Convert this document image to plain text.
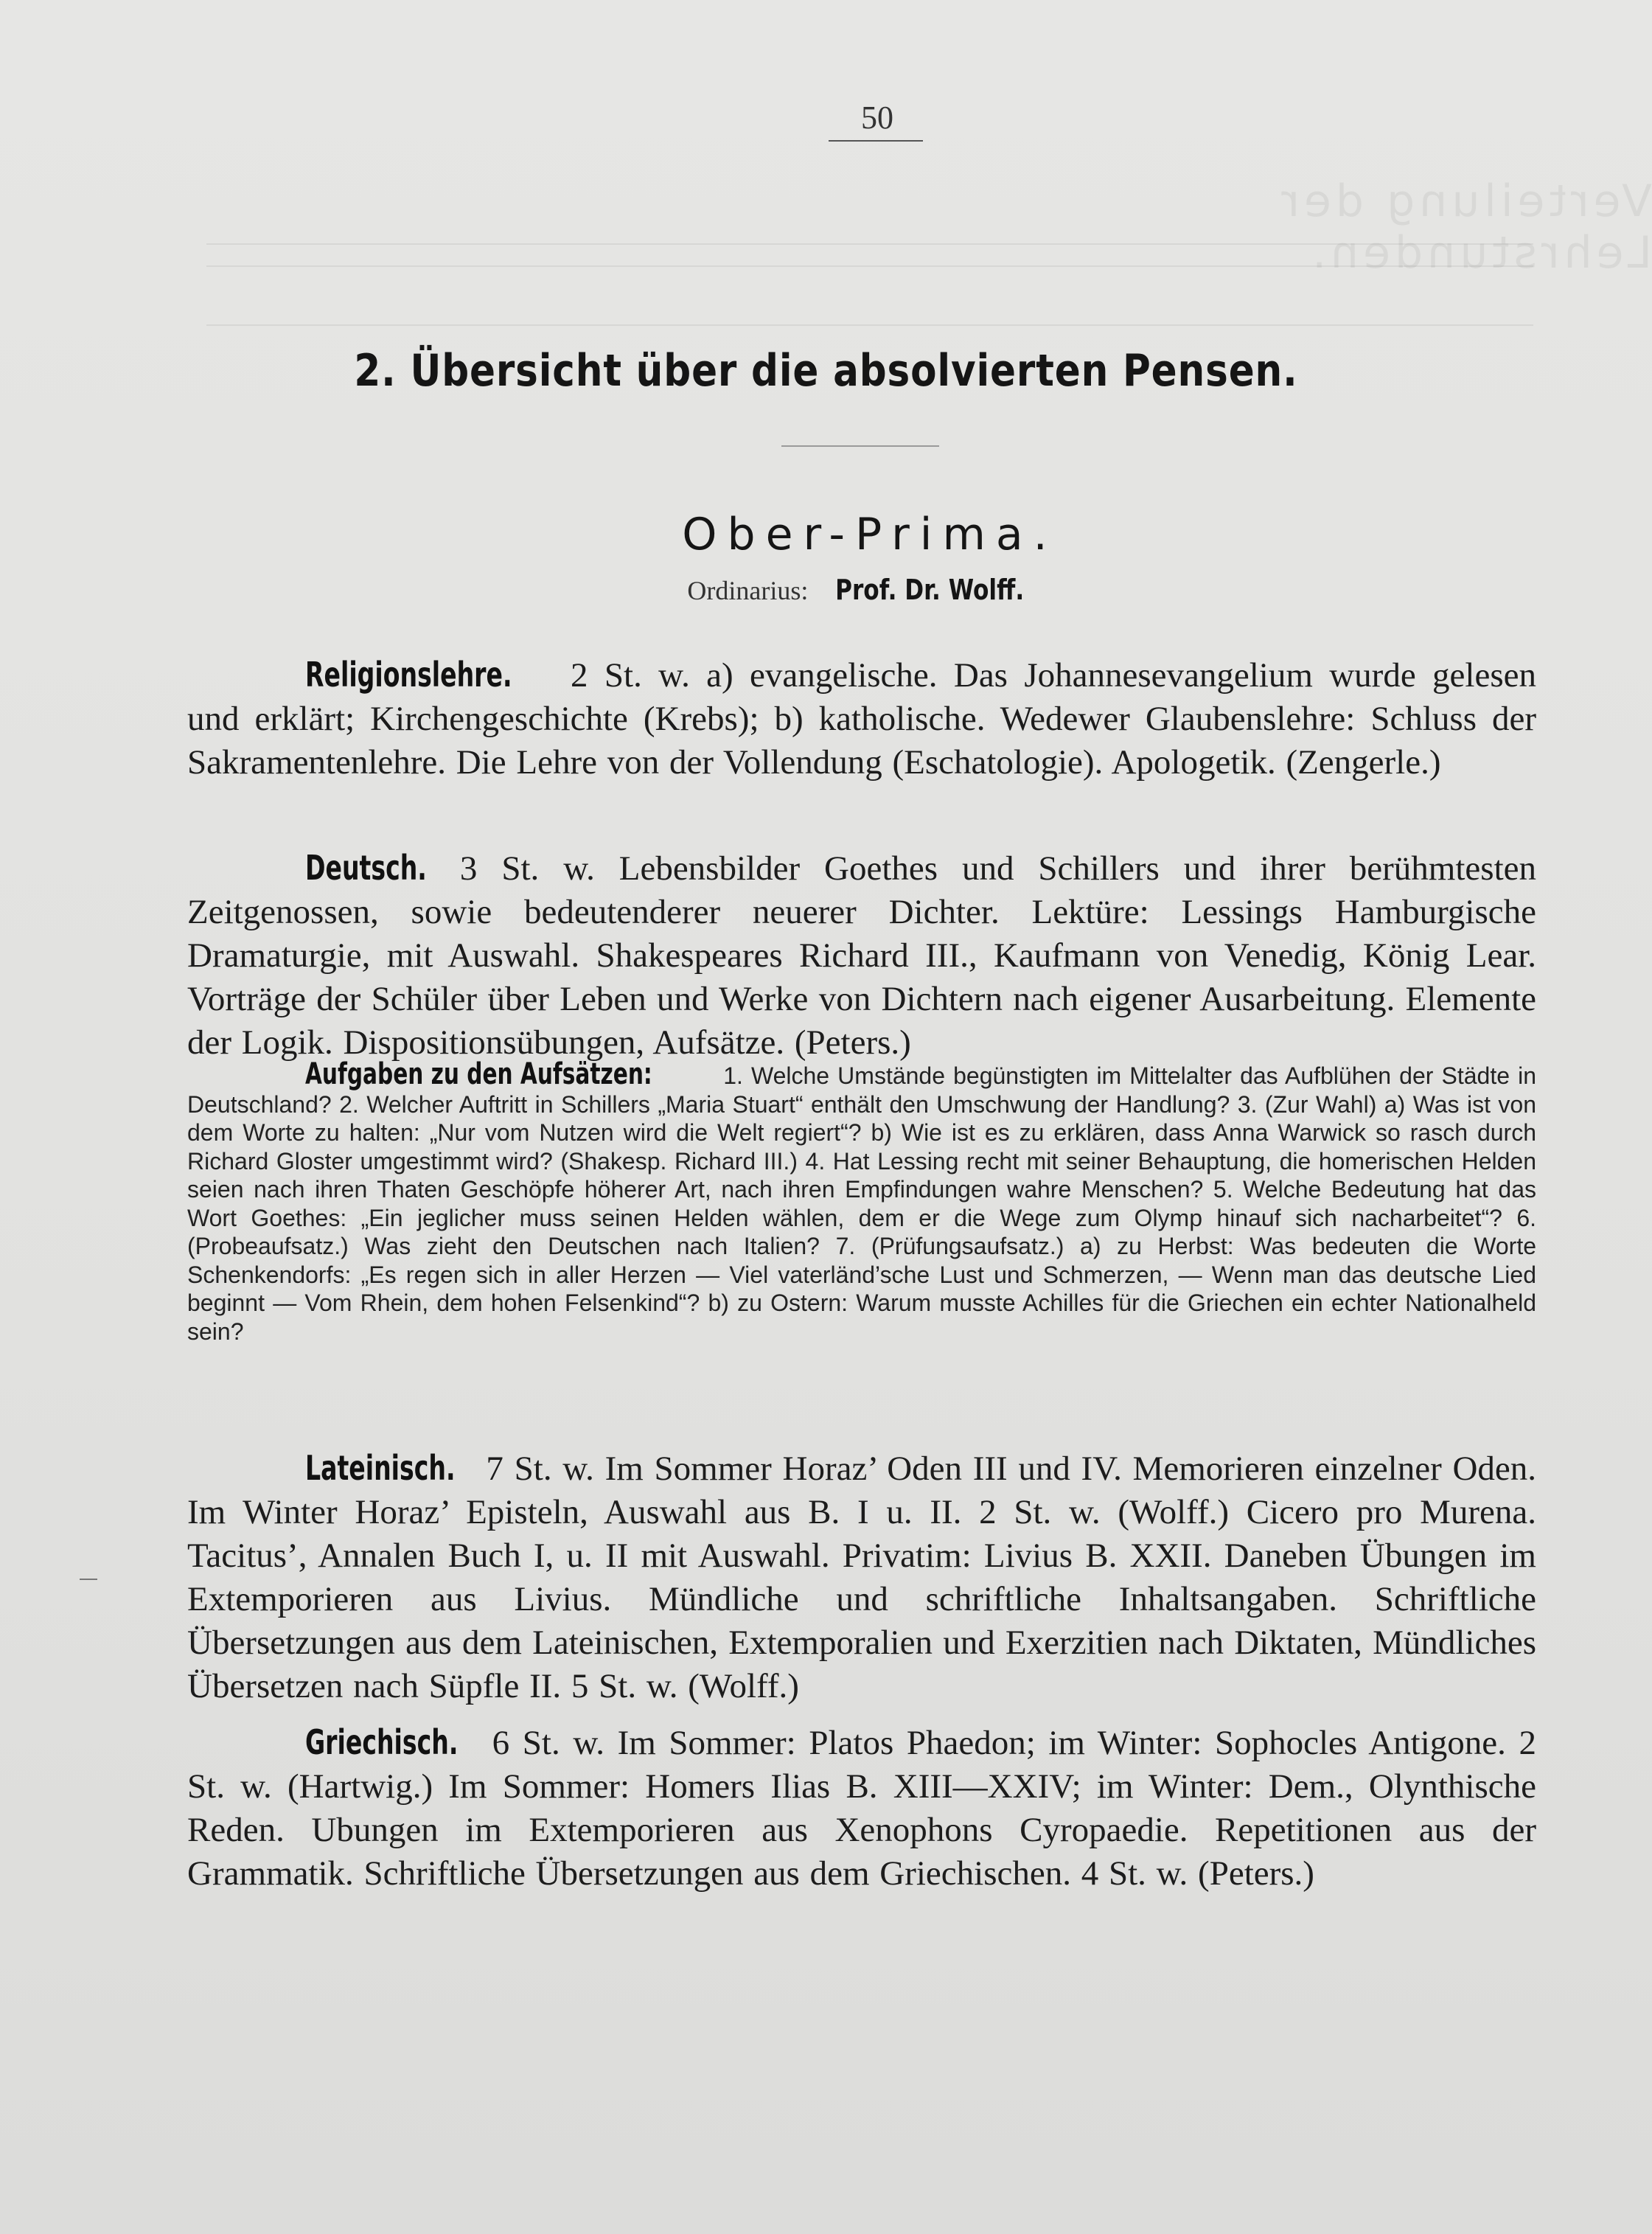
Verteilung der Lehrstunden.
50
2. Übersicht über die absolvierten Pensen.
Ober-Prima.
Ordinarius: Prof. Dr. Wolff.
Religionslehre. 2 St. w. a) evangelische. Das Johannesevangelium wurde gelesen und erklärt; Kirchengeschichte (Krebs); b) katholische. Wedewer Glaubenslehre: Schluss der Sakramentenlehre. Die Lehre von der Vollendung (Eschatologie). Apologetik. (Zengerle.)
Deutsch. 3 St. w. Lebensbilder Goethes und Schillers und ihrer berühmtesten Zeitgenossen, sowie bedeutenderer neuerer Dichter. Lektüre: Lessings Hamburgische Dramaturgie, mit Auswahl. Shakespeares Richard III., Kaufmann von Venedig, König Lear. Vorträge der Schüler über Leben und Werke von Dichtern nach eigener Ausarbeitung. Elemente der Logik. Dispositionsübungen, Aufsätze. (Peters.)
Aufgaben zu den Aufsätzen:	1. Welche Umstände begünstigten im Mittelalter das Aufblühen der Städte in Deutschland? 2. Welcher Auftritt in Schillers „Maria Stuart“ enthält den Umschwung der Handlung? 3. (Zur Wahl) a) Was ist von dem Worte zu halten: „Nur vom Nutzen wird die Welt regiert“? b) Wie ist es zu erklären, dass Anna Warwick so rasch durch Richard Gloster umgestimmt wird? (Shakesp. Richard III.) 4. Hat Lessing recht mit seiner Behauptung, die homerischen Helden seien nach ihren Thaten Geschöpfe höherer Art, nach ihren Empfindungen wahre Menschen? 5. Welche Bedeutung hat das Wort Goethes: „Ein jeglicher muss seinen Helden wählen, dem er die Wege zum Olymp hinauf sich nacharbeitet“? 6. (Probeaufsatz.) Was zieht den Deutschen nach Italien? 7. (Prüfungsaufsatz.) a) zu Herbst: Was bedeuten die Worte Schenkendorfs: „Es regen sich in aller Herzen — Viel vaterländ’sche Lust und Schmerzen, — Wenn man das deutsche Lied beginnt — Vom Rhein, dem hohen Felsenkind“? b) zu Ostern: Warum musste Achilles für die Griechen ein echter Nationalheld sein?
Lateinisch. 7 St. w. Im Sommer Horaz’ Oden III und IV. Memorieren einzelner Oden. Im Winter Horaz’ Episteln, Auswahl aus B. I u. II. 2 St. w. (Wolff.) Cicero pro Murena. Tacitus’, Annalen Buch I, u. II mit Auswahl. Privatim: Livius B. XXII. Daneben Übungen im Extemporieren aus Livius. Mündliche und schriftliche Inhaltsangaben. Schriftliche Übersetzungen aus dem Lateinischen, Extemporalien und Exerzitien nach Diktaten, Mündliches Übersetzen nach Süpfle II. 5 St. w. (Wolff.)
Griechisch. 6 St. w. Im Sommer: Platos Phaedon; im Winter: Sophocles Antigone. 2 St. w. (Hartwig.) Im Sommer: Homers Ilias B. XIII—XXIV; im Winter: Dem., Olynthische Reden. Ubungen im Extemporieren aus Xenophons Cyropaedie. Repetitionen aus der Grammatik. Schriftliche Übersetzungen aus dem Griechischen. 4 St. w. (Peters.)
